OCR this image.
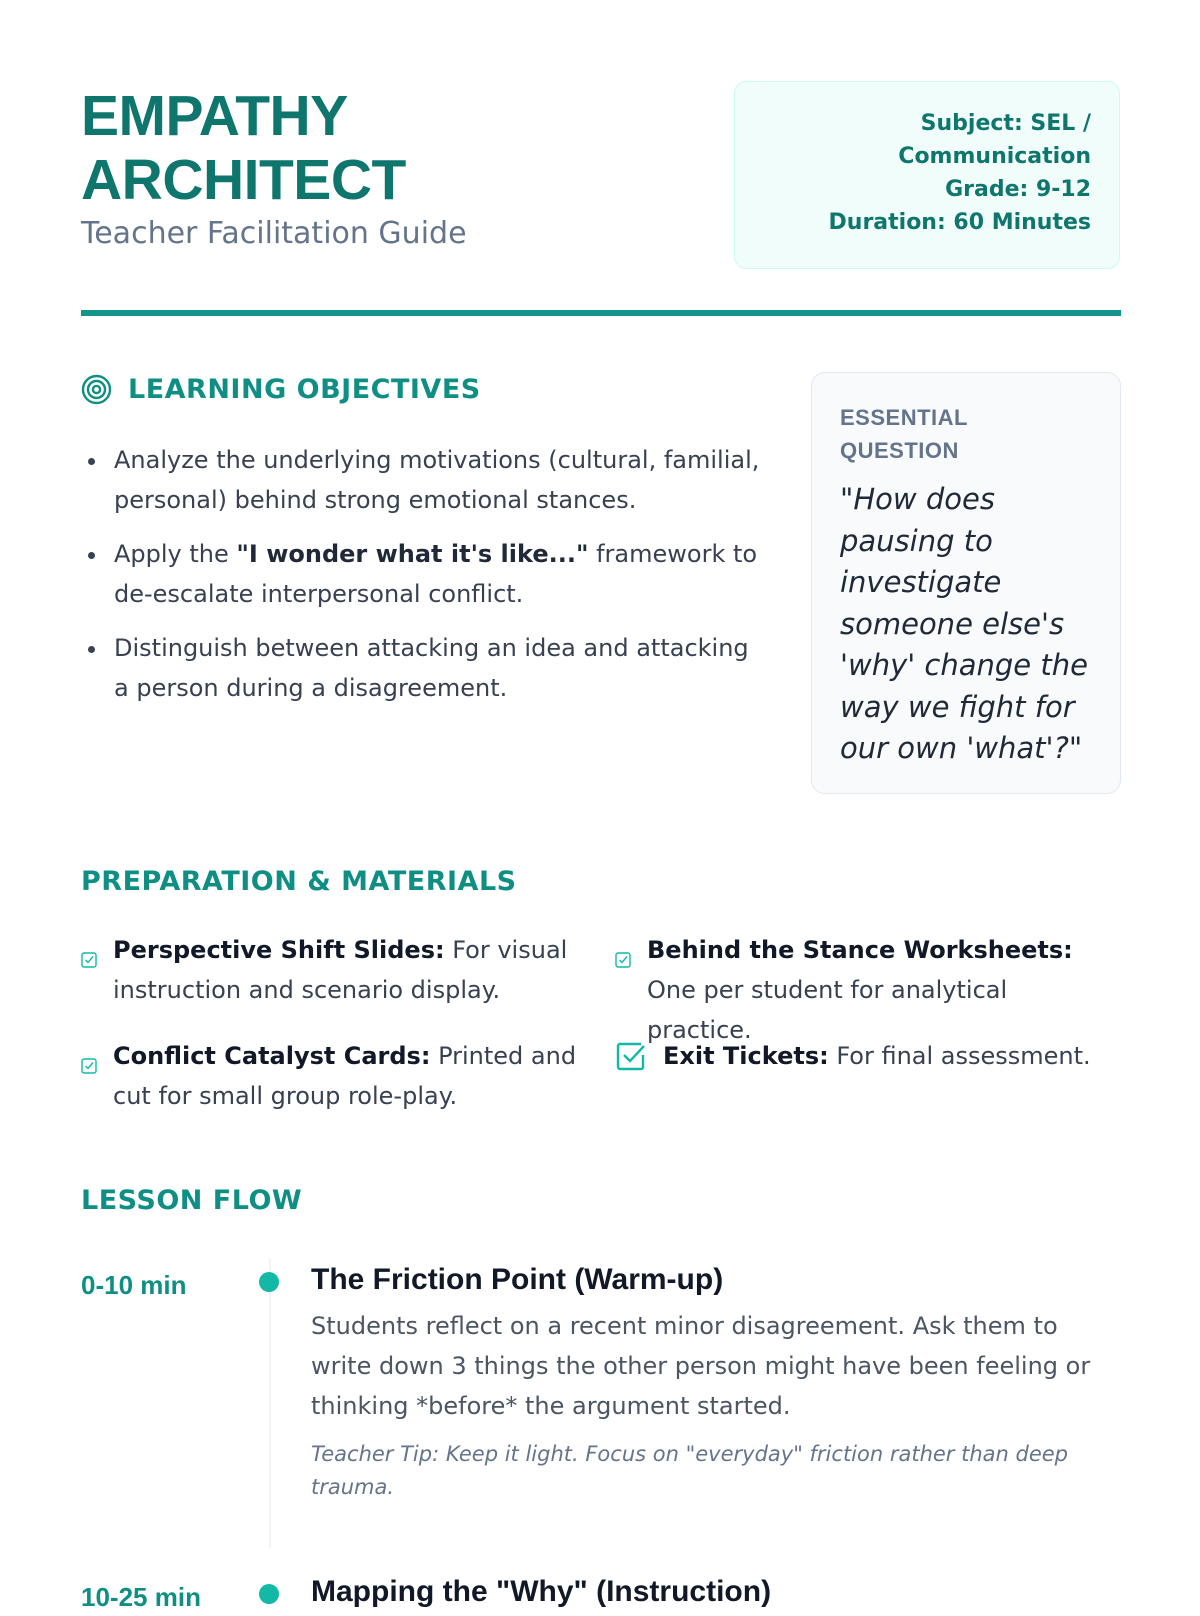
EMPATHY
ARCHITECT

Teacher Facilitation Guide

Subject: SEL /
Communication
Grade: 9-12
Duration: 60 Minutes
LEARNING OBJECTIVES
Analyze the underlying motivations (cultural, familial, personal) behind strong emotional stances.
Apply the "I wonder what it's like..." framework to de-escalate interpersonal conflict.
Distinguish between attacking an idea and attacking a person during a disagreement.

ESSENTIAL QUESTION

"How does pausing to investigate someone else's 'why' change the way we fight for our own 'what'?"

PREPARATION & MATERIALS
Perspective Shift Slides: For visual instruction and scenario display.
Behind the Stance Worksheets: One per student for analytical practice.
Conflict Catalyst Cards: Printed and cut for small group role-play.
Exit Tickets: For final assessment.
LESSON FLOW
0-10 min	The Friction Point (Warm-up)

Students reflect on a recent minor disagreement. Ask them to write down 3 things the other person might have been feeling or thinking *before* the argument started.

Teacher Tip: Keep it light. Focus on "everyday" friction rather than deep trauma.

10-25 min	Mapping the "Why" (Instruction)
